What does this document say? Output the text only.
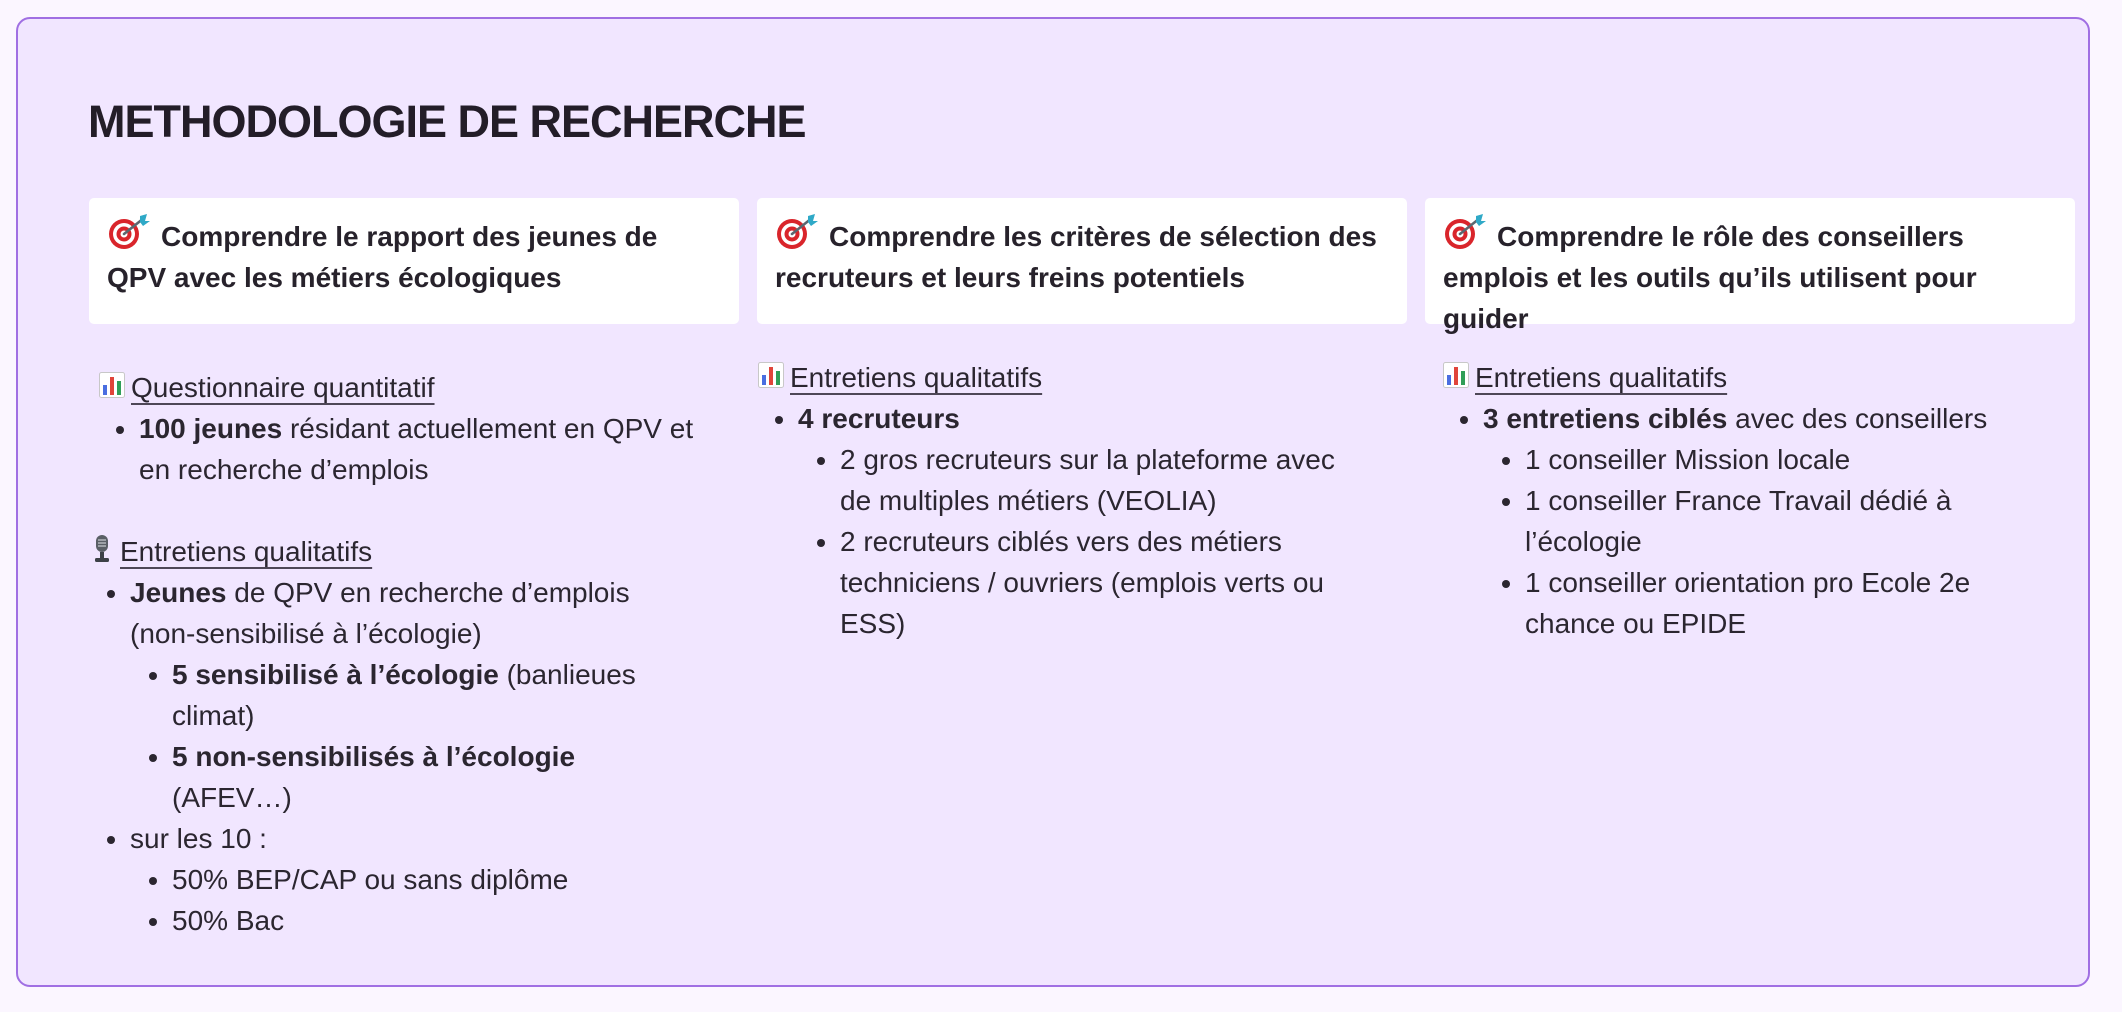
METHODOLOGIE DE RECHERCHE
Comprendre le rapport des jeunes de QPV avec les métiers écologiques
Comprendre les critères de sélection des recruteurs et leurs freins potentiels
Comprendre le rôle des conseillers emplois et les outils qu’ils utilisent pour guider
Questionnaire quantitatif
• 100 jeunes résidant actuellement en QPV et en recherche d’emplois
Entretiens qualitatifs
• Jeunes de QPV en recherche d’emplois (non-sensibilisé à l’écologie)
• 5 sensibilisé à l’écologie (banlieues climat)
• 5 non-sensibilisés à l’écologie (AFEV…)
• sur les 10 :
• 50% BEP/CAP ou sans diplôme
• 50% Bac
Entretiens qualitatifs
• 4 recruteurs
• 2 gros recruteurs sur la plateforme avec de multiples métiers (VEOLIA)
• 2 recruteurs ciblés vers des métiers techniciens / ouvriers (emplois verts ou ESS)
Entretiens qualitatifs
• 3 entretiens ciblés avec des conseillers
• 1 conseiller Mission locale
• 1 conseiller France Travail dédié à l’écologie
• 1 conseiller orientation pro Ecole 2e chance ou EPIDE
